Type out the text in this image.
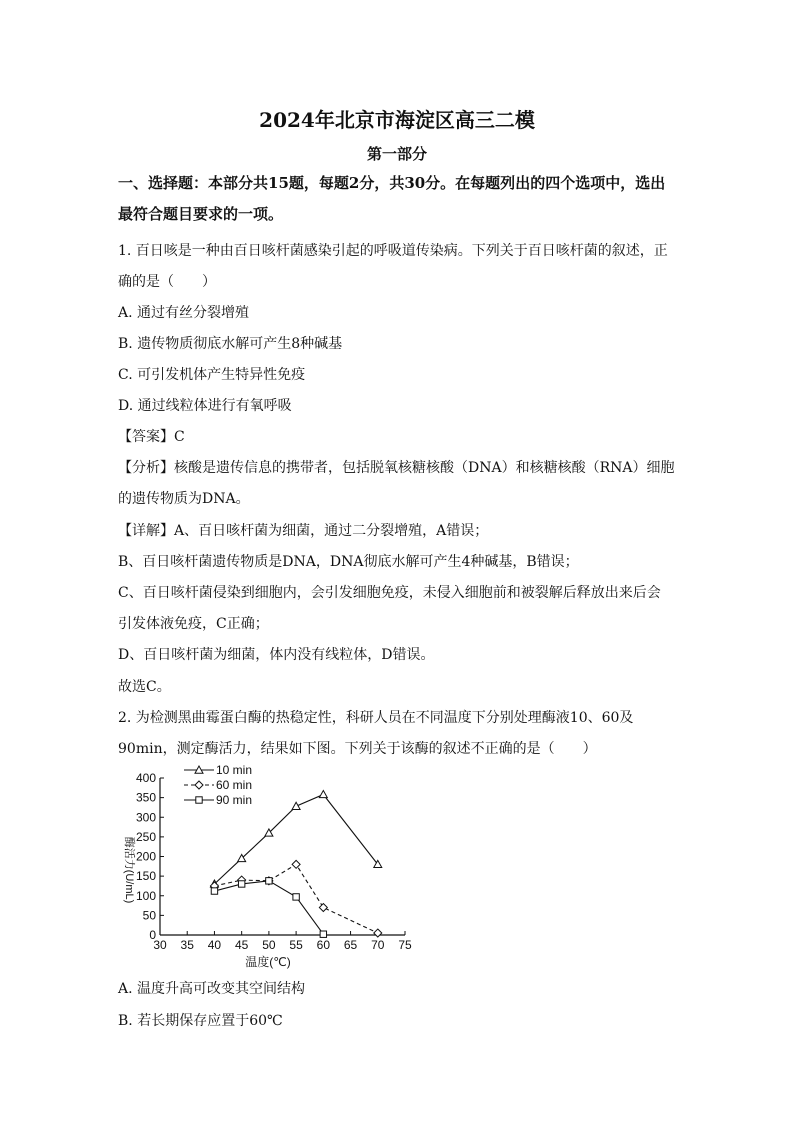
2024年北京市海淀区高三二模
第一部分
一、选择题：本部分共15题，每题2分，共30分。在每题列出的四个选项中，选出最符合题目要求的一项。
1. 百日咳是一种由百日咳杆菌感染引起的呼吸道传染病。下列关于百日咳杆菌的叙述，正
确的是（　　）
A. 通过有丝分裂增殖
B. 遗传物质彻底水解可产生8种碱基
C. 可引发机体产生特异性免疫
D. 通过线粒体进行有氧呼吸
【答案】C
【分析】核酸是遗传信息的携带者，包括脱氧核糖核酸（DNA）和核糖核酸（RNA）细胞
的遗传物质为DNA。
【详解】A、百日咳杆菌为细菌，通过二分裂增殖，A错误；
B、百日咳杆菌遗传物质是DNA，DNA彻底水解可产生4种碱基，B错误；
C、百日咳杆菌侵染到细胞内，会引发细胞免疫，未侵入细胞前和被裂解后释放出来后会
引发体液免疫，C正确；
D、百日咳杆菌为细菌，体内没有线粒体，D错误。
故选C。
2. 为检测黑曲霉蛋白酶的热稳定性，科研人员在不同温度下分别处理酶液10、60及
90min，测定酶活力，结果如下图。下列关于该酶的叙述不正确的是（　　）
30 35 40 45 50 55 60 65 70 75
0
50
100
150
200
250
300
350
400
10 min
60 min
90 min
温度(℃)
酶活力(U/mL)
A. 温度升高可改变其空间结构
B. 若长期保存应置于60℃
